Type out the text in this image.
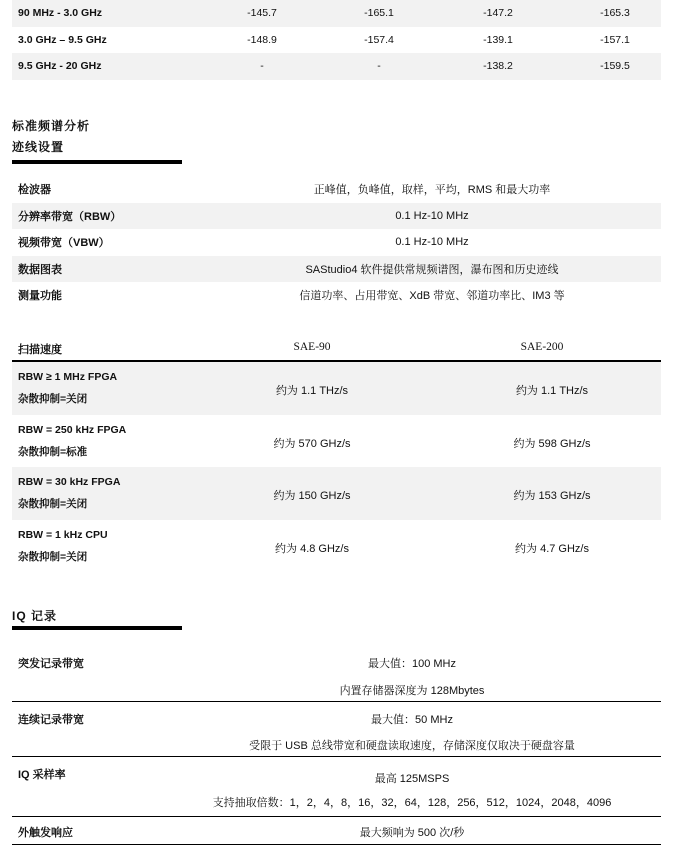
90 MHz - 3.0 GHz	-145.7	-165.1	-147.2	-165.3
3.0 GHz – 9.5 GHz	-148.9	-157.4	-139.1	-157.1
9.5 GHz - 20 GHz	-	-	-138.2	-159.5
标准频谱分析
迹线设置
检波器	正峰值，负峰值，取样，平均，RMS 和最大功率
分辨率带宽（RBW）	0.1 Hz-10 MHz
视频带宽（VBW）	0.1 Hz-10 MHz
数据图表	SAStudio4 软件提供常规频谱图，瀑布图和历史迹线
测量功能	信道功率、占用带宽、XdB 带宽、邻道功率比、IM3 等
扫描速度	SAE-90	SAE-200
RBW ≥ 1 MHz FPGA
杂散抑制=关闭
约为 1.1 THz/s	约为 1.1 THz/s
RBW = 250 kHz FPGA
杂散抑制=标准
约为 570 GHz/s	约为 598 GHz/s
RBW = 30 kHz FPGA
杂散抑制=关闭
约为 150 GHz/s	约为 153 GHz/s
RBW = 1 kHz CPU
杂散抑制=关闭
约为 4.8 GHz/s	约为 4.7 GHz/s
IQ 记录
突发记录带宽	最大值：100 MHz
内置存储器深度为 128Mbytes
连续记录带宽	最大值：50 MHz
受限于 USB 总线带宽和硬盘读取速度，存储深度仅取决于硬盘容量
IQ 采样率	最高 125MSPS
支持抽取倍数：1，2，4，8，16，32，64，128，256，512，1024，2048，4096
外触发响应	最大频响为 500 次/秒
